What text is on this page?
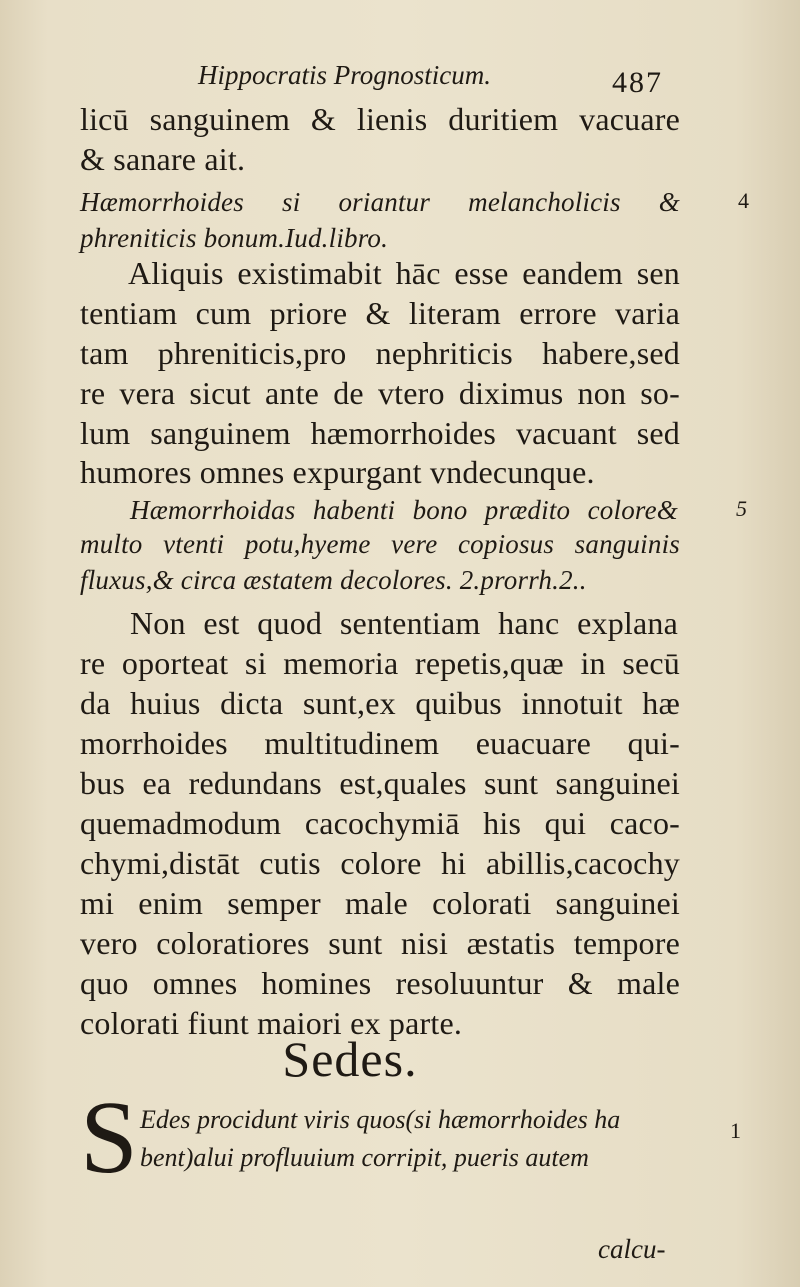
Hippocratis Prognosticum.	487
licū sanguinem & lienis duritiem vacuare
& sanare ait.
Hæmorrhoides si oriantur melancholicis &
phreniticis bonum.Iud.libro.
4
Aliquis existimabit hāc esse eandem sen
tentiam cum priore & literam errore varia
tam phreniticis,pro nephriticis habere,sed
re vera sicut ante de vtero diximus non so-
lum sanguinem hæmorrhoides vacuant sed
humores omnes expurgant vndecunque.
Hæmorrhoidas habenti bono prædito colore&
multo vtenti potu,hyeme vere copiosus sanguinis
fluxus,& circa æstatem decolores. 2.prorrh.2..
5
Non est quod sententiam hanc explana
re oporteat si memoria repetis,quæ in secū
da huius dicta sunt,ex quibus innotuit hæ
morrhoides multitudinem euacuare qui-
bus ea redundans est,quales sunt sanguinei
quemadmodum cacochymiā his qui caco-
chymi,distāt cutis colore hi abillis,cacochy
mi enim semper male colorati sanguinei
vero coloratiores sunt nisi æstatis tempore
quo omnes homines resoluuntur & male
colorati fiunt maiori ex parte.
Sedes.
S Edes procidunt viris quos(si hæmorrhoides ha
bent)alui profluuium corripit, pueris autem
1
calcu-
